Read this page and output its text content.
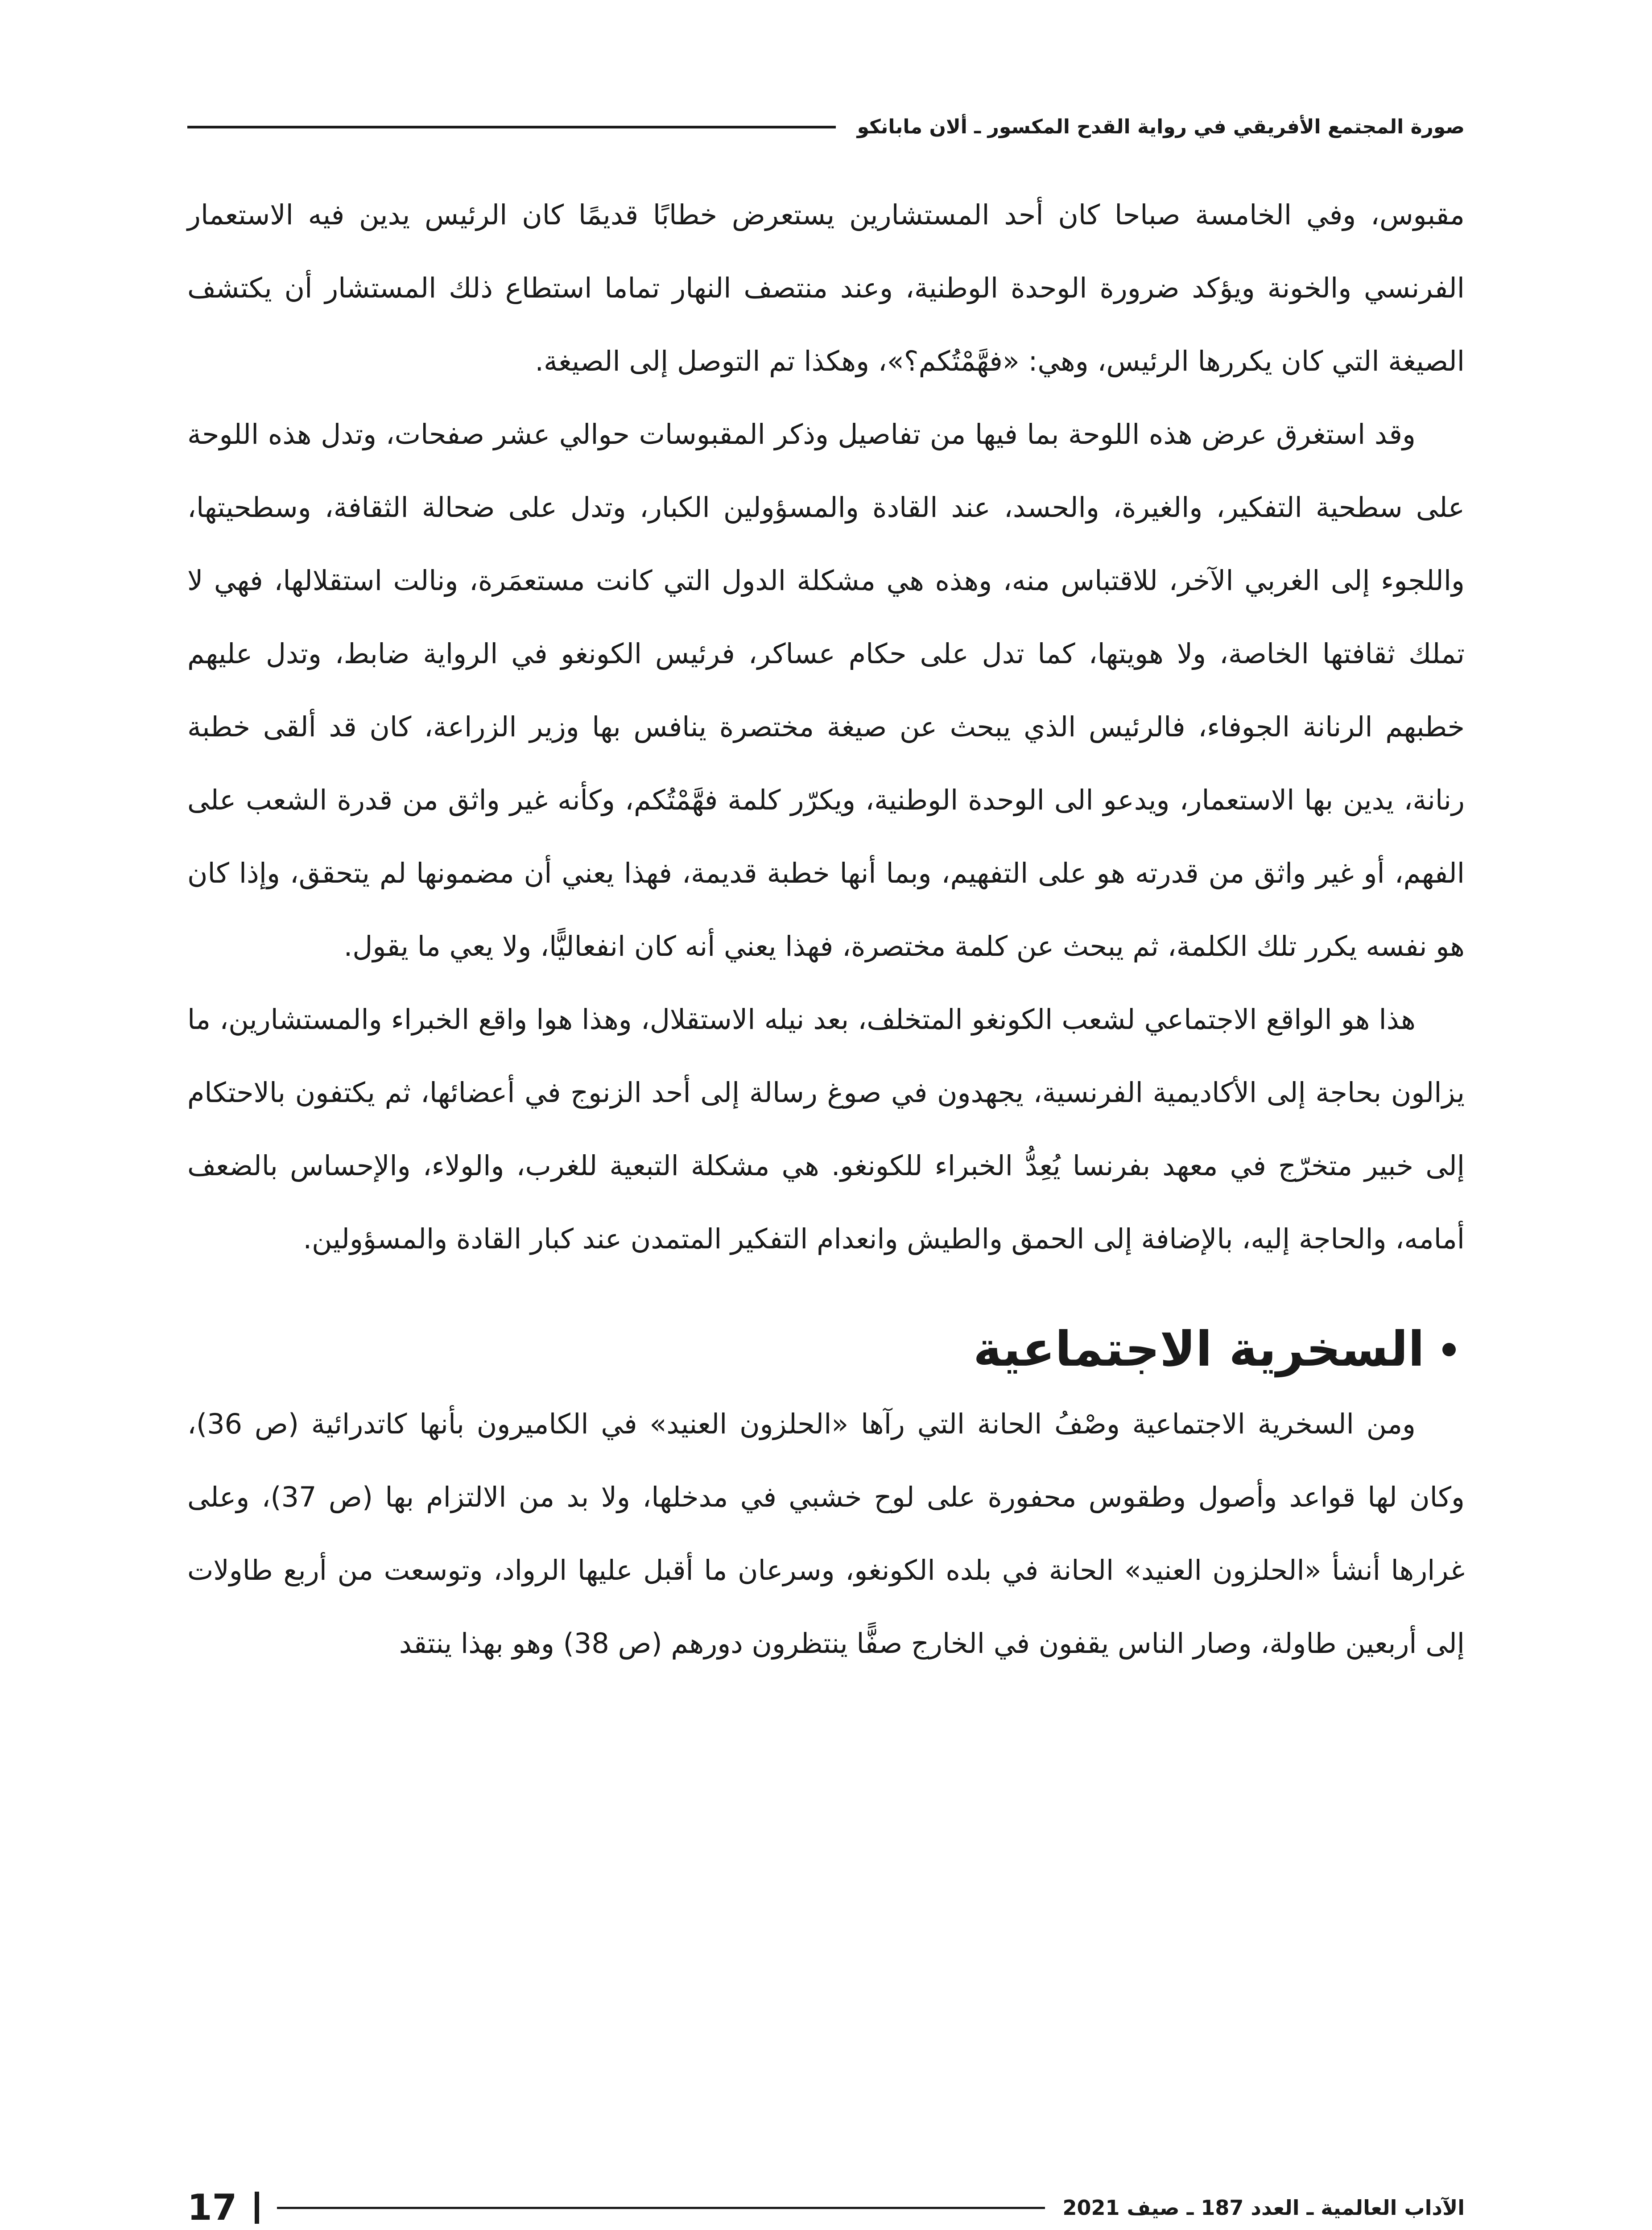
صورة المجتمع الأفريقي في رواية القدح المكسور ـ ألان مابانكو

مقبوس، وفي الخامسة صباحا كان أحد المستشارين يستعرض خطابًا قديمًا كان الرئيس يدين فيه الاستعمار الفرنسي والخونة ويؤكد ضرورة الوحدة الوطنية، وعند منتصف النهار تماما استطاع ذلك المستشار أن يكتشف الصيغة التي كان يكررها الرئيس، وهي: «فهَّمْتُكم؟»، وهكذا تم التوصل إلى الصيغة.

وقد استغرق عرض هذه اللوحة بما فيها من تفاصيل وذكر المقبوسات حوالي عشر صفحات، وتدل هذه اللوحة على سطحية التفكير، والغيرة، والحسد، عند القادة والمسؤولين الكبار، وتدل على ضحالة الثقافة، وسطحيتها، واللجوء إلى الغربي الآخر، للاقتباس منه، وهذه هي مشكلة الدول التي كانت مستعمَرة، ونالت استقلالها، فهي لا تملك ثقافتها الخاصة، ولا هويتها، كما تدل على حكام عساكر، فرئيس الكونغو في الرواية ضابط، وتدل عليهم خطبهم الرنانة الجوفاء، فالرئيس الذي يبحث عن صيغة مختصرة ينافس بها وزير الزراعة، كان قد ألقى خطبة رنانة، يدين بها الاستعمار، ويدعو الى الوحدة الوطنية، ويكرّر كلمة فهَّمْتُكم، وكأنه غير واثق من قدرة الشعب على الفهم، أو غير واثق من قدرته هو على التفهيم، وبما أنها خطبة قديمة، فهذا يعني أن مضمونها لم يتحقق، وإذا كان هو نفسه يكرر تلك الكلمة، ثم يبحث عن كلمة مختصرة، فهذا يعني أنه كان انفعاليًّا، ولا يعي ما يقول.

هذا هو الواقع الاجتماعي لشعب الكونغو المتخلف، بعد نيله الاستقلال، وهذا هوا واقع الخبراء والمستشارين، ما يزالون بحاجة إلى الأكاديمية الفرنسية، يجهدون في صوغ رسالة إلى أحد الزنوج في أعضائها، ثم يكتفون بالاحتكام إلى خبير متخرّج في معهد بفرنسا يُعِدُّ الخبراء للكونغو. هي مشكلة التبعية للغرب، والولاء، والإحساس بالضعف أمامه، والحاجة إليه، بالإضافة إلى الحمق والطيش وانعدام التفكير المتمدن عند كبار القادة والمسؤولين.

السخرية الاجتماعية

ومن السخرية الاجتماعية وصْفُ الحانة التي رآها «الحلزون العنيد» في الكاميرون بأنها كاتدرائية (ص 36)، وكان لها قواعد وأصول وطقوس محفورة على لوح خشبي في مدخلها، ولا بد من الالتزام بها (ص 37)، وعلى غرارها أنشأ «الحلزون العنيد» الحانة في بلده الكونغو، وسرعان ما أقبل عليها الرواد، وتوسعت من أربع طاولات إلى أربعين طاولة، وصار الناس يقفون في الخارج صفًّا ينتظرون دورهم (ص 38) وهو بهذا ينتقد

الآداب العالمية ـ العدد 187 ـ صيف 2021
17
